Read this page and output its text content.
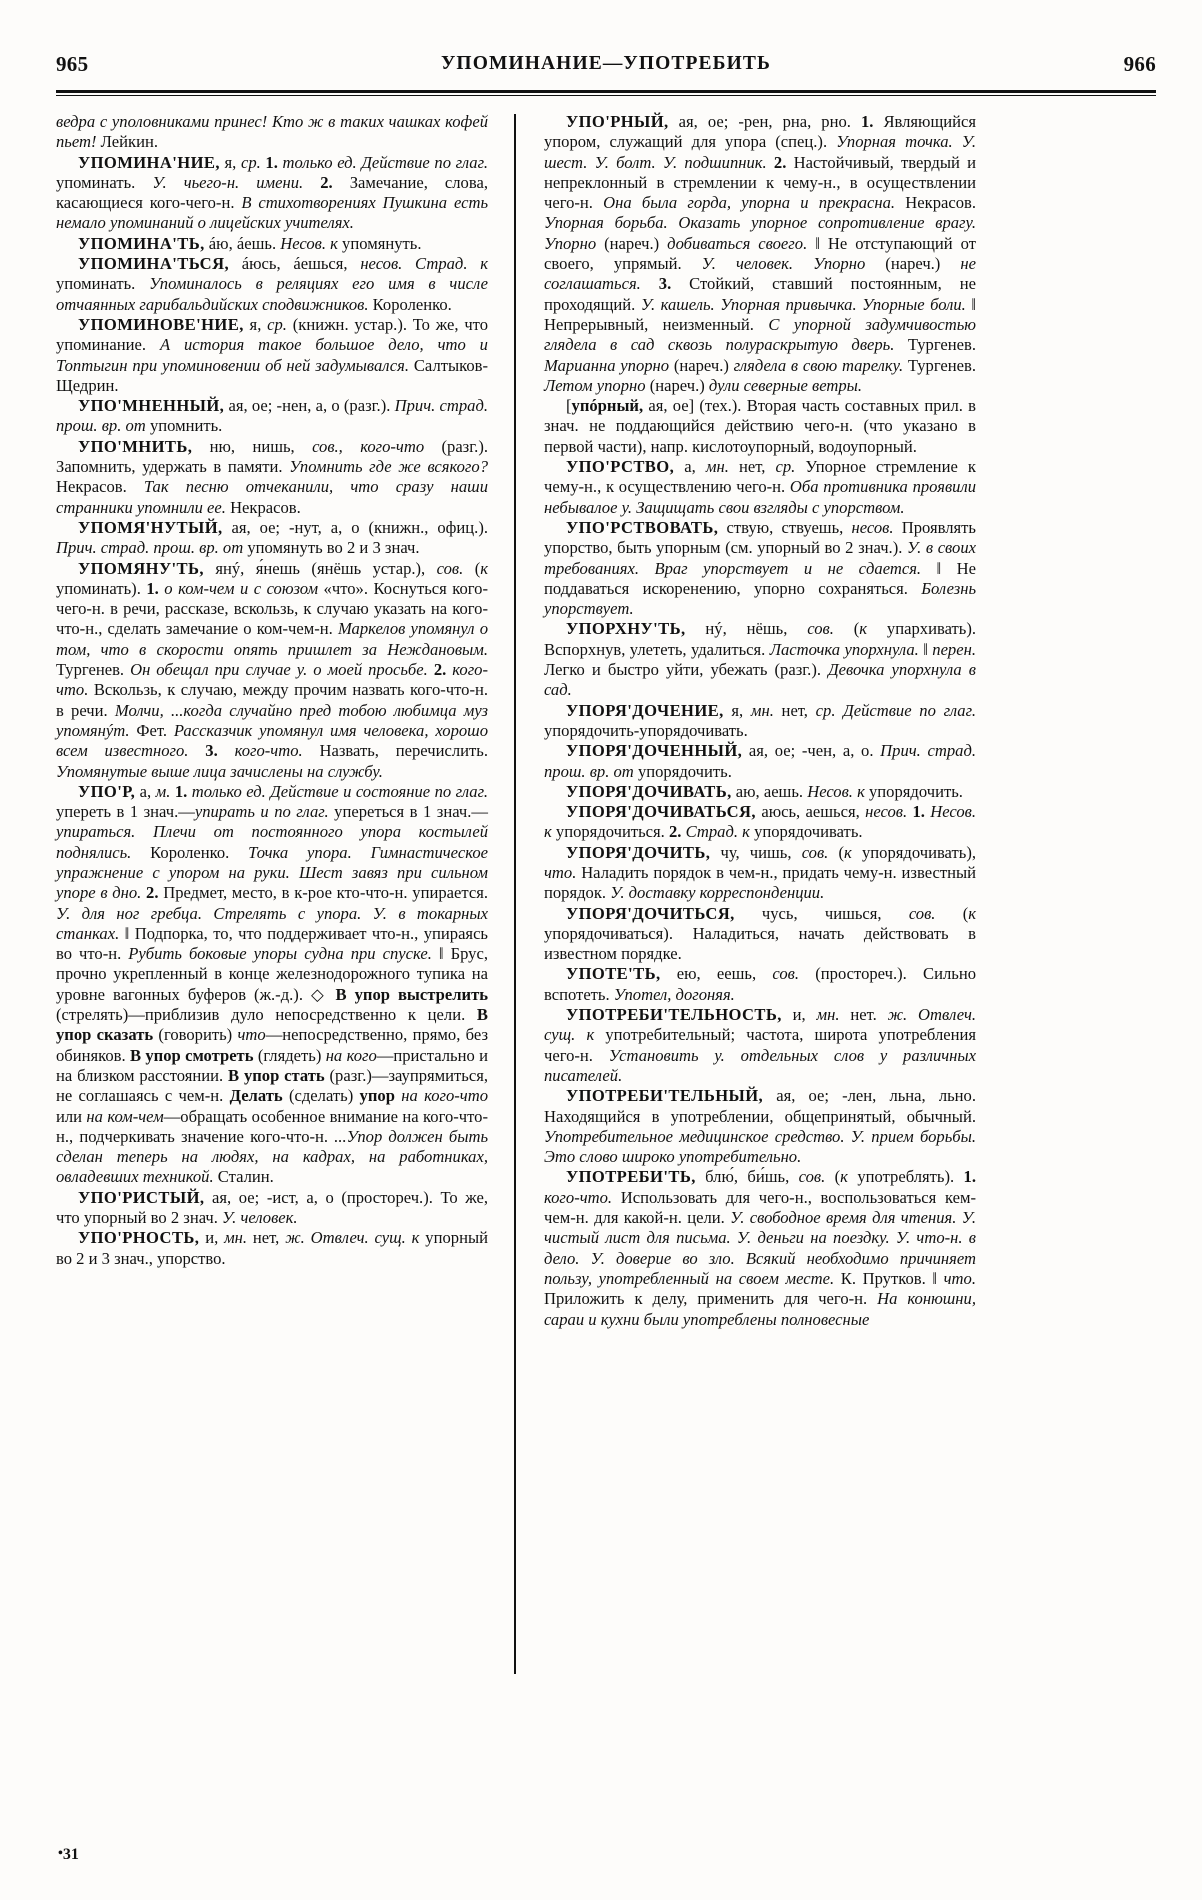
965	УПОМИНАНИЕ—УПОТРЕБИТЬ	966

ведра с уполовниками принес! Кто ж в таких чашках кофей пьет! Лейкин.

УПОМИНА'НИЕ, я, ср. 1. только ед. Действие по глаг. упоминать. У. чьего-н. имени. 2. Замечание, слова, касающиеся кого-чего-н. В стихотворениях Пушкина есть немало упоминаний о лицейских учителях.

УПОМИНА'ТЬ, áю, áешь. Несов. к упомянуть.

УПОМИНА'ТЬСЯ, áюсь, áешься, несов. Страд. к упоминать. Упоминалось в реляциях его имя в числе отчаянных гарибальдийских сподвижников. Короленко.

УПОМИНОВЕ'НИЕ, я, ср. (книжн. устар.). То же, что упоминание. А история такое большое дело, что и Топтыгин при упоминовении об ней задумывался. Салтыков-Щедрин.

УПО'МНЕННЫЙ, ая, ое; -нен, а, о (разг.). Прич. страд. прош. вр. от упомнить.

УПО'МНИТЬ, ню, нишь, сов., кого-что (разг.). Запомнить, удержать в памяти. Упомнить где же всякого? Некрасов. Так песню отчеканили, что сразу наши странники упомнили ее. Некрасов.

УПОМЯ'НУТЫЙ, ая, ое; -нут, а, о (книжн., офиц.). Прич. страд. прош. вр. от упомянуть во 2 и 3 знач.

УПОМЯНУ'ТЬ, янý, я́нешь (янёшь устар.), сов. (к упоминать). 1. о ком-чем и с союзом «что». Коснуться кого-чего-н. в речи, рассказе, вскользь, к случаю указать на кого-что-н., сделать замечание о ком-чем-н. Маркелов упомянул о том, что в скорости опять пришлет за Неждановым. Тургенев. Он обещал при случае у. о моей просьбе. 2. кого-что. Вскользь, к случаю, между прочим назвать кого-что-н. в речи. Молчи, ...когда случайно пред тобою любимца муз упомянýт. Фет. Рассказчик упомянул имя человека, хорошо всем известного. 3. кого-что. Назвать, перечислить. Упомянутые выше лица зачислены на службу.

УПО'Р, а, м. 1. только ед. Действие и состояние по глаг. упереть в 1 знач.—упирать и по глаг. упереться в 1 знач.—упираться. Плечи от постоянного упора костылей поднялись. Короленко. Точка упора. Гимнастическое упражнение с упором на руки. Шест завяз при сильном упоре в дно. 2. Предмет, место, в к-рое кто-что-н. упирается. У. для ног гребца. Стрелять с упора. У. в токарных станках. ‖ Подпорка, то, что поддерживает что-н., упираясь во что-н. Рубить боковые упоры судна при спуске. ‖ Брус, прочно укрепленный в конце железнодорожного тупика на уровне вагонных буферов (ж.-д.). ◇ В упор выстрелить (стрелять)—приблизив дуло непосредственно к цели. В упор сказать (говорить) что—непосредственно, прямо, без обиняков. В упор смотреть (глядеть) на кого—пристально и на близком расстоянии. В упор стать (разг.)—заупрямиться, не соглашаясь с чем-н. Делать (сделать) упор на кого-что или на ком-чем—обращать особенное внимание на кого-что-н., подчеркивать значение кого-что-н. ...Упор должен быть сделан теперь на людях, на кадрах, на работниках, овладевших техникой. Сталин.

УПО'РИСТЫЙ, ая, ое; -ист, а, о (простореч.). То же, что упорный во 2 знач. У. человек.

УПО'РНОСТЬ, и, мн. нет, ж. Отвлеч. сущ. к упорный во 2 и 3 знач., упорство.

УПО'РНЫЙ, ая, ое; -рен, рна, рно. 1. Являющийся упором, служащий для упора (спец.). Упорная точка. У. шест. У. болт. У. подшипник. 2. Настойчивый, твердый и непреклонный в стремлении к чему-н., в осуществлении чего-н. Она была горда, упорна и прекрасна. Некрасов. Упорная борьба. Оказать упорное сопротивление врагу. Упорно (нареч.) добиваться своего. ‖ Не отступающий от своего, упрямый. У. человек. Упорно (нареч.) не соглашаться. 3. Стойкий, ставший постоянным, не проходящий. У. кашель. Упорная привычка. Упорные боли. ‖ Непрерывный, неизменный. С упорной задумчивостью глядела в сад сквозь полураскрытую дверь. Тургенев. Марианна упорно (нареч.) глядела в свою тарелку. Тургенев. Летом упорно (нареч.) дули северные ветры.

[упóрный, ая, ое] (тех.). Вторая часть составных прил. в знач. не поддающийся действию чего-н. (что указано в первой части), напр. кислотоупорный, водоупорный.

УПО'РСТВО, а, мн. нет, ср. Упорное стремление к чему-н., к осуществлению чего-н. Оба противника проявили небывалое у. Защищать свои взгляды с упорством.

УПО'РСТВОВАТЬ, ствую, ствуешь, несов. Проявлять упорство, быть упорным (см. упорный во 2 знач.). У. в своих требованиях. Враг упорствует и не сдается. ‖ Не поддаваться искоренению, упорно сохраняться. Болезнь упорствует.

УПОРХНУ'ТЬ, нý, нёшь, сов. (к упархивать). Вспорхнув, улететь, удалиться. Ласточка упорхнула. ‖ перен. Легко и быстро уйти, убежать (разг.). Девочка упорхнула в сад.

УПОРЯ'ДОЧЕНИЕ, я, мн. нет, ср. Действие по глаг. упорядочить-упорядочивать.

УПОРЯ'ДОЧЕННЫЙ, ая, ое; -чен, а, о. Прич. страд. прош. вр. от упорядочить.

УПОРЯ'ДОЧИВАТЬ, аю, аешь. Несов. к упорядочить.

УПОРЯ'ДОЧИВАТЬСЯ, аюсь, аешься, несов. 1. Несов. к упорядочиться. 2. Страд. к упорядочивать.

УПОРЯ'ДОЧИТЬ, чу, чишь, сов. (к упорядочивать), что. Наладить порядок в чем-н., придать чему-н. известный порядок. У. доставку корреспонденции.

УПОРЯ'ДОЧИТЬСЯ, чусь, чишься, сов. (к упорядочиваться). Наладиться, начать действовать в известном порядке.

УПОТЕ'ТЬ, ею, еешь, сов. (простореч.). Сильно вспотеть. Употел, догоняя.

УПОТРЕБИ'ТЕЛЬНОСТЬ, и, мн. нет. ж. Отвлеч. сущ. к употребительный; частота, широта употребления чего-н. Установить у. отдельных слов у различных писателей.

УПОТРЕБИ'ТЕЛЬНЫЙ, ая, ое; -лен, льна, льно. Находящийся в употреблении, общепринятый, обычный. Употребительное медицинское средство. У. прием борьбы. Это слово широко употребительно.

УПОТРЕБИ'ТЬ, блю́, би́шь, сов. (к употреблять). 1. кого-что. Использовать для чего-н., воспользоваться кем-чем-н. для какой-н. цели. У. свободное время для чтения. У. чистый лист для письма. У. деньги на поездку. У. что-н. в дело. У. доверие во зло. Всякий необходимо причиняет пользу, употребленный на своем месте. К. Прутков. ‖ что. Приложить к делу, применить для чего-н. На конюшни, сараи и кухни были употреблены полновесные

•31
